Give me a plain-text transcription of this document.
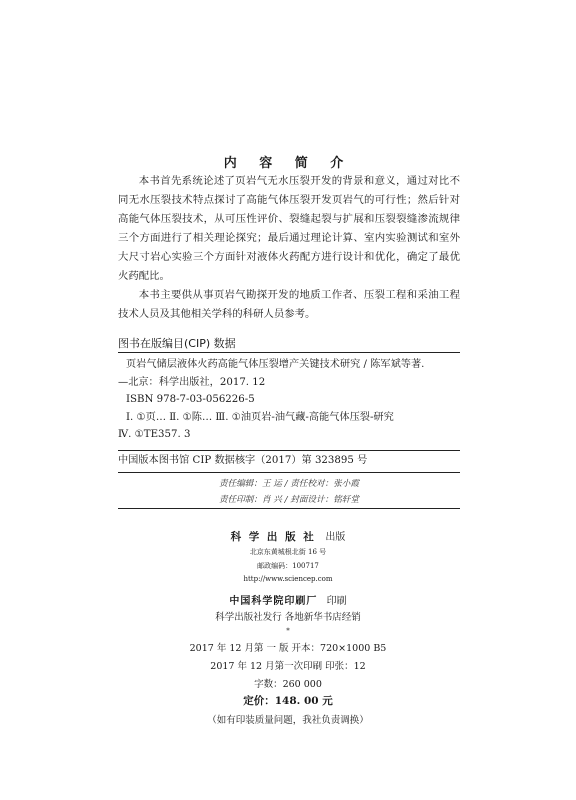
内 容 简 介

本书首先系统论述了页岩气无水压裂开发的背景和意义，通过对比不同无水压裂技术特点探讨了高能气体压裂开发页岩气的可行性；然后针对高能气体压裂技术，从可压性评价、裂缝起裂与扩展和压裂裂缝渗流规律三个方面进行了相关理论探究；最后通过理论计算、室内实验测试和室外大尺寸岩心实验三个方面针对液体火药配方进行设计和优化，确定了最优火药配比。

本书主要供从事页岩气勘探开发的地质工作者、压裂工程和采油工程技术人员及其他相关学科的科研人员参考。

图书在版编目(CIP) 数据
页岩气储层液体火药高能气体压裂增产关键技术研究 / 陈军斌等著.
—北京：科学出版社，2017. 12
ISBN 978-7-03-056226-5
Ⅰ. ①页… Ⅱ. ①陈… Ⅲ. ①油页岩-油气藏-高能气体压裂-研究
Ⅳ. ①TE357. 3
中国版本图书馆 CIP 数据核字（2017）第 323895 号
责任编辑：王 运 / 责任校对：张小霞
责任印制：肖 兴 / 封面设计：铭轩堂
科 学 出 版 社 出版
北京东黄城根北街 16 号
邮政编码：100717
http://www.sciencep.com
中国科学院印刷厂 印刷
科学出版社发行 各地新华书店经销
*
2017 年 12 月第 一 版 开本：720×1000 B5
2017 年 12 月第一次印刷 印张：12
字数：260 000
定价：148. 00 元
（如有印装质量问题，我社负责调换）
